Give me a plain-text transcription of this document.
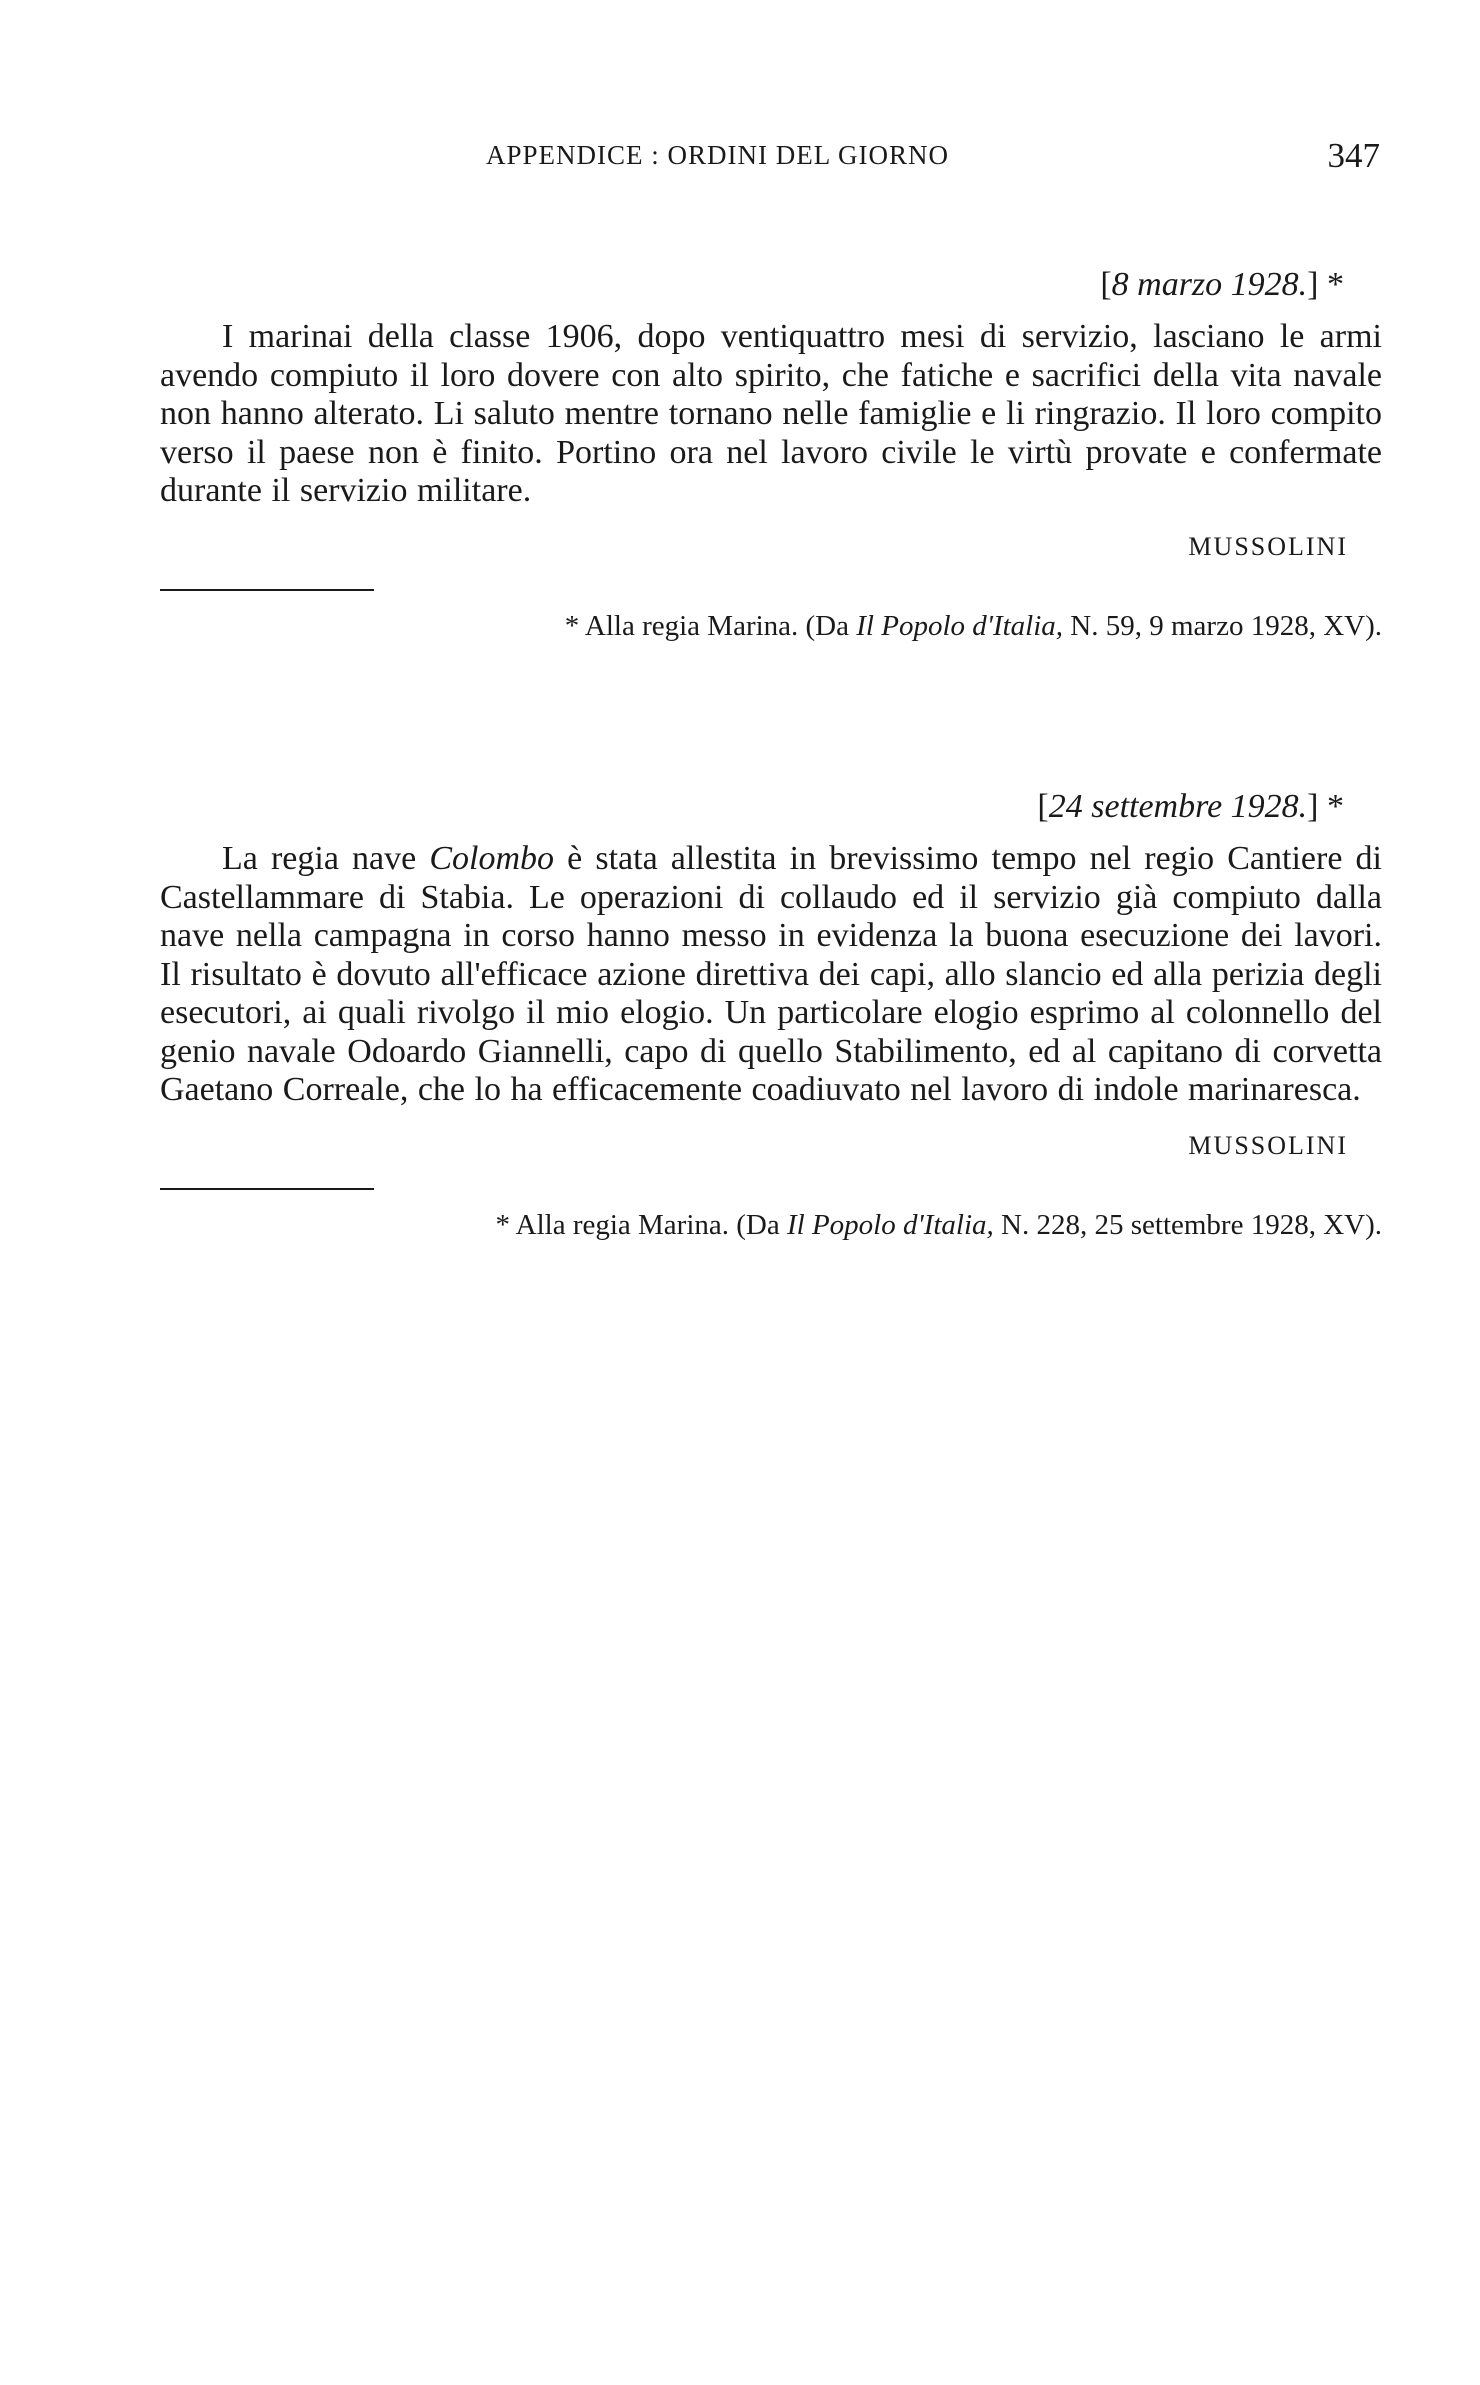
APPENDICE : ORDINI DEL GIORNO	347
[8 marzo 1928.] *

I marinai della classe 1906, dopo ventiquattro mesi di servizio, lasciano le armi avendo compiuto il loro dovere con alto spirito, che fatiche e sacrifici della vita navale non hanno alterato. Li saluto mentre tornano nelle famiglie e li ringrazio. Il loro compito verso il paese non è finito. Portino ora nel lavoro civile le virtù provate e confermate durante il servizio militare.

MUSSOLINI
* Alla regia Marina. (Da Il Popolo d'Italia, N. 59, 9 marzo 1928, XV).
[24 settembre 1928.] *

La regia nave Colombo è stata allestita in brevissimo tempo nel regio Cantiere di Castellammare di Stabia. Le operazioni di collaudo ed il servizio già compiuto dalla nave nella campagna in corso hanno messo in evidenza la buona esecuzione dei lavori. Il risultato è dovuto all'efficace azione direttiva dei capi, allo slancio ed alla perizia degli esecutori, ai quali rivolgo il mio elogio. Un particolare elogio esprimo al colonnello del genio navale Odoardo Giannelli, capo di quello Stabilimento, ed al capitano di corvetta Gaetano Correale, che lo ha efficacemente coadiuvato nel lavoro di indole marinaresca.

MUSSOLINI
* Alla regia Marina. (Da Il Popolo d'Italia, N. 228, 25 settembre 1928, XV).
